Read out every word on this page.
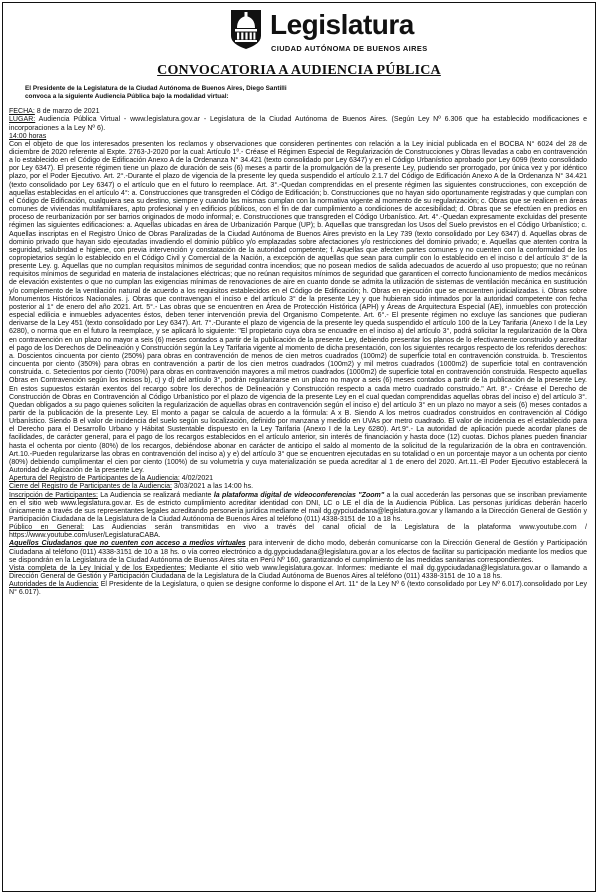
Legislatura
CIUDAD AUTÓNOMA DE BUENOS AIRES
CONVOCATORIA A AUDIENCIA PÚBLICA
El Presidente de la Legislatura de la Ciudad Autónoma de Buenos Aires, Diego Santilli
convoca a la siguiente Audiencia Pública bajo la modalidad virtual:

FECHA: 8 de marzo de 2021

LUGAR: Audiencia Pública Virtual - www.legislatura.gov.ar - Legislatura de la Ciudad Autónoma de Buenos Aires. (Según Ley Nº 6.306 que ha establecido modificaciones e incorporaciones a la Ley Nº 6).

14:00 horas

Con el objeto de que los interesados presenten los reclamos y observaciones que consideren pertinentes con relación a la Ley inicial publicada en el BOCBA N° 6024 del 28 de diciembre de 2020 referente al Expte. 2763-J-2020 por la cual: Artículo 1º.- Créase el Régimen Especial de Regularización de Construcciones y Obras llevadas a cabo en contravención a lo establecido en el Código de Edificación Anexo A de la Ordenanza N° 34.421 (texto consolidado por Ley 6347) y en el Código Urbanístico aprobado por Ley 6099 (texto consolidado por Ley 6347). El presente régimen tiene un plazo de duración de seis (6) meses a partir de la promulgación de la presente Ley, pudiendo ser prorrogado, por única vez y por idéntico plazo, por el Poder Ejecutivo. Art. 2°.-Durante el plazo de vigencia de la presente ley queda suspendido el artículo 2.1.7 del Código de Edificación Anexo A de la Ordenanza N° 34.421 (texto consolidado por Ley 6347) o el artículo que en el futuro lo reemplace. Art. 3°.-Quedan comprendidas en el presente régimen las siguientes construcciones, con excepción de aquellas establecidas en el artículo 4°: a. Construcciones que transgreden el Código de Edificación; b. Construcciones que no hayan sido oportunamente registradas y que cumplan con el Código de Edificación, cualquiera sea su destino, siempre y cuando las mismas cumplan con la normativa vigente al momento de su regularización; c. Obras que se realicen en áreas comunes de viviendas multifamiliares, apto profesional y en edificios públicos, con el fin de dar cumplimiento a condiciones de accesibilidad; d. Obras que se efectúen en predios en proceso de reurbanización por ser barrios originados de modo informal; e. Construcciones que transgreden el Código Urbanístico. Art. 4°.-Quedan expresamente excluidas del presente régimen las siguientes edificaciones: a. Aquellas ubicadas en área de Urbanización Parque (UP); b. Aquellas que transgredan los Usos del Suelo previstos en el Código Urbanístico; c. Aquellas inscriptas en el Registro Único de Obras Paralizadas de la Ciudad Autónoma de Buenos Aires previsto en la Ley 739 (texto consolidado por Ley 6347) d. Aquellas obras de dominio privado que hayan sido ejecutadas invadiendo el dominio público y/o emplazadas sobre afectaciones y/o restricciones del dominio privado; e. Aquellas que atenten contra la seguridad, salubridad e higiene, con previa intervención y constatación de la autoridad competente; f. Aquellas que afecten partes comunes y no cuenten con la conformidad de los copropietarios según lo establecido en el Código Civil y Comercial de la Nación, a excepción de aquellas que sean para cumplir con lo establecido en el inciso c del artículo 3° de la presente Ley. g. Aquellas que no cumplan requisitos mínimos de seguridad contra incendios; que no posean medios de salida adecuados de acuerdo al uso propuesto; que no reúnan requisitos mínimos de seguridad en materia de instalaciones eléctricas; que no reúnan requisitos mínimos de seguridad que garanticen el correcto funcionamiento de medios mecánicos de elevación existentes o que no cumplan las exigencias mínimas de renovaciones de aire en cuanto donde se admita la utilización de sistemas de ventilación mecánica en sustitución y/o complemento de la ventilación natural de acuerdo a los requisitos establecidos en el Código de Edificación; h. Obras en ejecución que se encuentren judicializadas. i. Obras sobre Monumentos Históricos Nacionales. j. Obras que contravengan el inciso e del artículo 3° de la presente Ley y que hubieran sido intimados por la autoridad competente con fecha posterior al 1° de enero del año 2021. Art. 5°.- Las obras que se encuentren en Área de Protección Histórica (APH) y Áreas de Arquitectura Especial (AE), inmuebles con protección especial edilicia e inmuebles adyacentes éstos, deben tener intervención previa del Organismo Competente. Art. 6°.- El presente régimen no excluye las sanciones que pudieran derivarse de la Ley 451 (texto consolidado por Ley 6347). Art. 7°.-Durante el plazo de vigencia de la presente ley queda suspendido el artículo 100 de la Ley Tarifaria (Anexo I de la Ley 6280), o norma que en el futuro la reemplace, y se aplicará lo siguiente: "El propietario cuya obra se encuadre en el inciso a) del artículo 3°, podrá solicitar la regularización de la Obra en contravención en un plazo no mayor a seis (6) meses contados a partir de la publicación de la presente Ley, debiendo presentar los planos de lo efectivamente construido y acreditar el pago de los Derechos de Delineación y Construcción según la Ley Tarifaria vigente al momento de dicha presentación, con los siguientes recargos respecto de los referidos derechos: a. Doscientos cincuenta por ciento (250%) para obras en contravención de menos de cien metros cuadrados (100m2) de superficie total en contravención construida. b. Trescientos cincuenta por ciento (350%) para obras en contravención a partir de los cien metros cuadrados (100m2) y mil metros cuadrados (1000m2) de superficie total en contravención construida. c. Setecientos por ciento (700%) para obras en contravención mayores a mil metros cuadrados (1000m2) de superficie total en contravención construida. Respecto aquellas Obras en Contravención según los incisos b), c) y d) del artículo 3°, podrán regularizarse en un plazo no mayor a seis (6) meses contados a partir de la publicación de la presente Ley. En estos supuestos estarán exentos del recargo sobre los derechos de Delineación y Construcción respecto a cada metro cuadrado construido." Art. 8°.- Créase el Derecho de Construcción de Obras en Contravención al Código Urbanístico por el plazo de vigencia de la presente Ley en el cual quedan comprendidas aquellas obras del inciso e) del artículo 3°. Quedan obligados a su pago quienes soliciten la regularización de aquellas obras en contravención según el inciso e) del artículo 3° en un plazo no mayor a seis (6) meses contados a partir de la publicación de la presente Ley. El monto a pagar se calcula de acuerdo a la fórmula: A x B. Siendo A los metros cuadrados construidos en contravención al Código Urbanístico. Siendo B el valor de incidencia del suelo según su localización, definido por manzana y medido en UVAs por metro cuadrado. El valor de incidencia es el establecido para el Derecho para el Desarrollo Urbano y Hábitat Sustentable dispuesto en la Ley Tarifaria (Anexo I de la Ley 6280). Art.9°.- La autoridad de aplicación puede acordar planes de facilidades, de carácter general, para el pago de los recargos establecidos en el artículo anterior, sin interés de financiación y hasta doce (12) cuotas. Dichos planes pueden financiar hasta el ochenta por ciento (80%) de los recargos, debiéndose abonar en carácter de anticipo el saldo al momento de la solicitud de la regularización de la obra en contravención. Art.10.-Pueden regularizarse las obras en contravención del inciso a) y e) del artículo 3° que se encuentren ejecutadas en su totalidad o en un porcentaje mayor a un ochenta por ciento (80%) debiendo cumplimentar el cien por ciento (100%) de su volumetría y cuya materialización se pueda acreditar al 1 de enero del 2020. Art.11.-El Poder Ejecutivo establecerá la Autoridad de Aplicación de la presente Ley.

Apertura del Registro de Participantes de la Audiencia: 4/02/2021

Cierre del Registro de Participantes de la Audiencia: 3/03/2021 a las 14:00 hs.

Inscripción de Participantes: La Audiencia se realizará mediante la plataforma digital de videoconferencias "Zoom" a la cual accederán las personas que se inscriban previamente en el sitio web www.legislatura.gov.ar. Es de estricto cumplimiento acreditar identidad con DNI, LC o LE el día de la Audiencia Pública. Las personas jurídicas deberán hacerlo únicamente a través de sus representantes legales acreditando personería jurídica mediante el mail dg.gypciudadana@legislatura.gov.ar y llamando a la Dirección General de Gestión y Participación Ciudadana de la Legislatura de la Ciudad Autónoma de Buenos Aires al teléfono (011) 4338-3151 de 10 a 18 hs.

Público en General: Las Audiencias serán transmitidas en vivo a través del canal oficial de la Legislatura de la plataforma www.youtube.com / https://www.youtube.com/user/LegislaturaCABA.

Aquellos Ciudadanos que no cuenten con acceso a medios virtuales para intervenir de dicho modo, deberán comunicarse con la Dirección General de Gestión y Participación Ciudadana al teléfono (011) 4338-3151 de 10 a 18 hs. o vía correo electrónico a dg.gypciudadana@legislatura.gov.ar a los efectos de facilitar su participación mediante los medios que se dispondrán en la Legislatura de la Ciudad Autónoma de Buenos Aires sita en Perú Nº 160, garantizando el cumplimiento de las medidas sanitarias correspondientes.

Vista completa de la Ley Inicial y de los Expedientes: Mediante el sitio web www.legislatura.gov.ar. Informes: mediante el mail dg.gypciudadana@legislatura.gov.ar o llamando a Dirección General de Gestión y Participación Ciudadana de la Legislatura de la Ciudad Autónoma de Buenos Aires al teléfono (011) 4338-3151 de 10 a 18 hs.

Autoridades de la Audiencia: El Presidente de la Legislatura, o quien se designe conforme lo dispone el Art. 11° de la Ley Nº 6 (texto consolidado por Ley Nº 6.017).consolidado por Ley N° 6.017).
